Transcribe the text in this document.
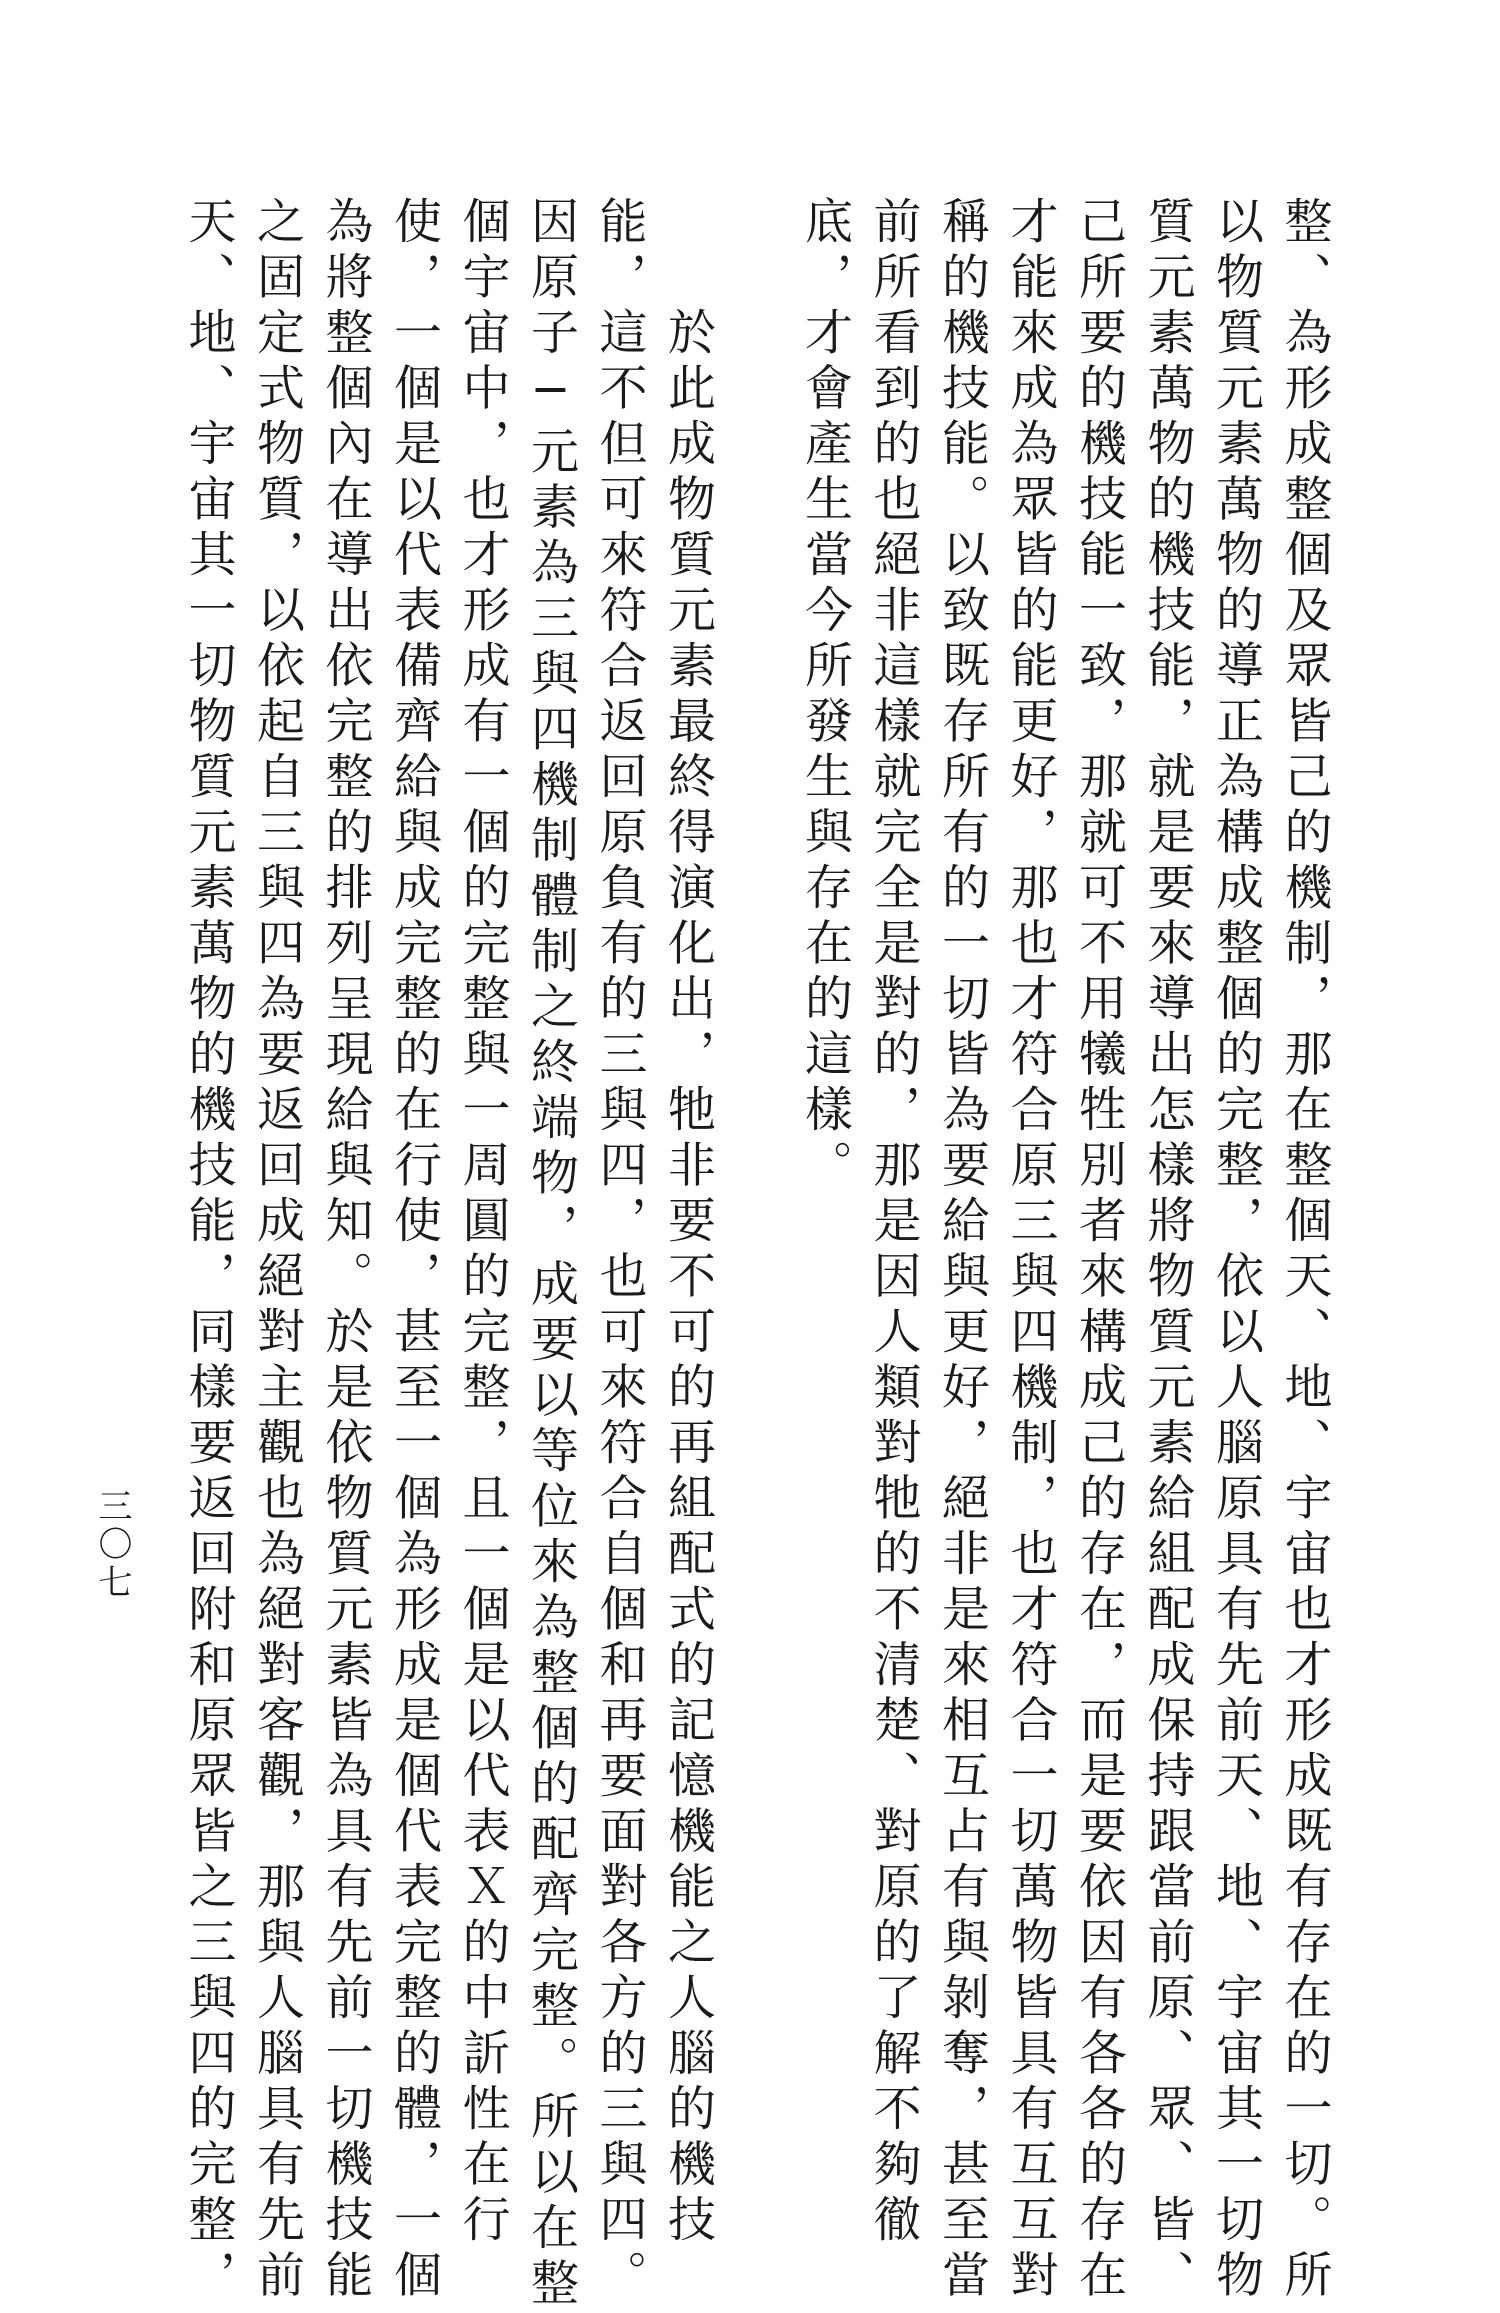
整、為形成整個及眾皆己的機制，那在整個天、地、宇宙也才形成既有存在的一切。所

以物質元素萬物的導正為構成整個的完整，依以人腦原具有先前天、地、宇宙其一切物

質元素萬物的機技能，就是要來導出怎樣將物質元素給組配成保持跟當前原、眾、皆、

己所要的機技能一致，那就可不用犧牲別者來構成己的存在，而是要依因有各各的存在

才能來成為眾皆的能更好，那也才符合原三與四機制，也才符合一切萬物皆具有互互對

稱的機技能。以致既存所有的一切皆為要給與更好，絕非是來相互占有與剝奪，甚至當

前所看到的也絕非這樣就完全是對的，那是因人類對牠的不清楚、對原的了解不夠徹

底，才會產生當今所發生與存在的這樣。

於此成物質元素最終得演化出，牠非要不可的再組配式的記憶機能之人腦的機技

能，這不但可來符合返回原負有的三與四，也可來符合自個和再要面對各方的三與四。

因原子─元素為三與四機制體制之終端物，成要以等位來為整個的配齊完整。所以在整

個宇宙中，也才形成有一個的完整與一周圓的完整，且一個是以代表Ｘ的中訢性在行

使，一個是以代表備齊給與成完整的在行使，甚至一個為形成是個代表完整的體，一個

為將整個內在導出依完整的排列呈現給與知。於是依物質元素皆為具有先前一切機技能

之固定式物質，以依起自三與四為要返回成絕對主觀也為絕對客觀，那與人腦具有先前

天、地、宇宙其一切物質元素萬物的機技能，同樣要返回附和原眾皆之三與四的完整，

三〇七
